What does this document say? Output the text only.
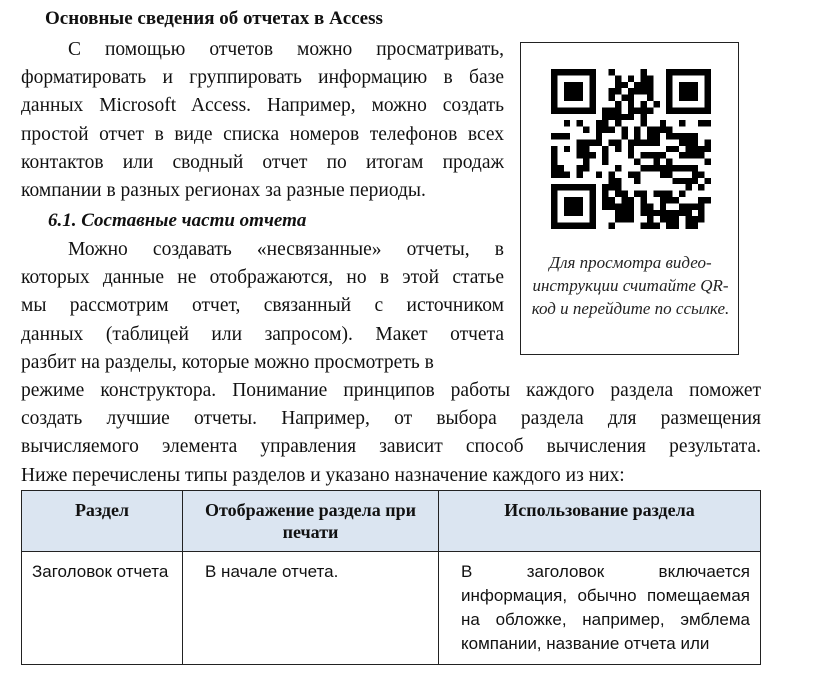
Основные сведения об отчетах в Access
С помощью отчетов можно просматривать,
форматировать и группировать информацию в базе
данных Microsoft Access. Например, можно создать
простой отчет в виде списка номеров телефонов всех
контактов или сводный отчет по итогам продаж
компании в разных регионах за разные периоды.
6.1. Составные части отчета
Можно создавать «несвязанные» отчеты, в
которых данные не отображаются, но в этой статье
мы рассмотрим отчет, связанный с источником
данных (таблицей или запросом). Макет отчета
разбит на разделы, которые можно просмотреть в
режиме конструктора. Понимание принципов работы каждого раздела поможет
создать лучшие отчеты. Например, от выбора раздела для размещения
вычисляемого элемента управления зависит способ вычисления результата.
Ниже перечислены типы разделов и указано назначение каждого из них:
Для просмотра видео-инструкции считайте QR-код и перейдите по ссылке.
Раздел	Отображение раздела при печати	Использование раздела
Заголовок отчета	В начале отчета.	В заголовок включается информация, обычно помещаемая на обложке, например, эмблема компании, название отчета или
